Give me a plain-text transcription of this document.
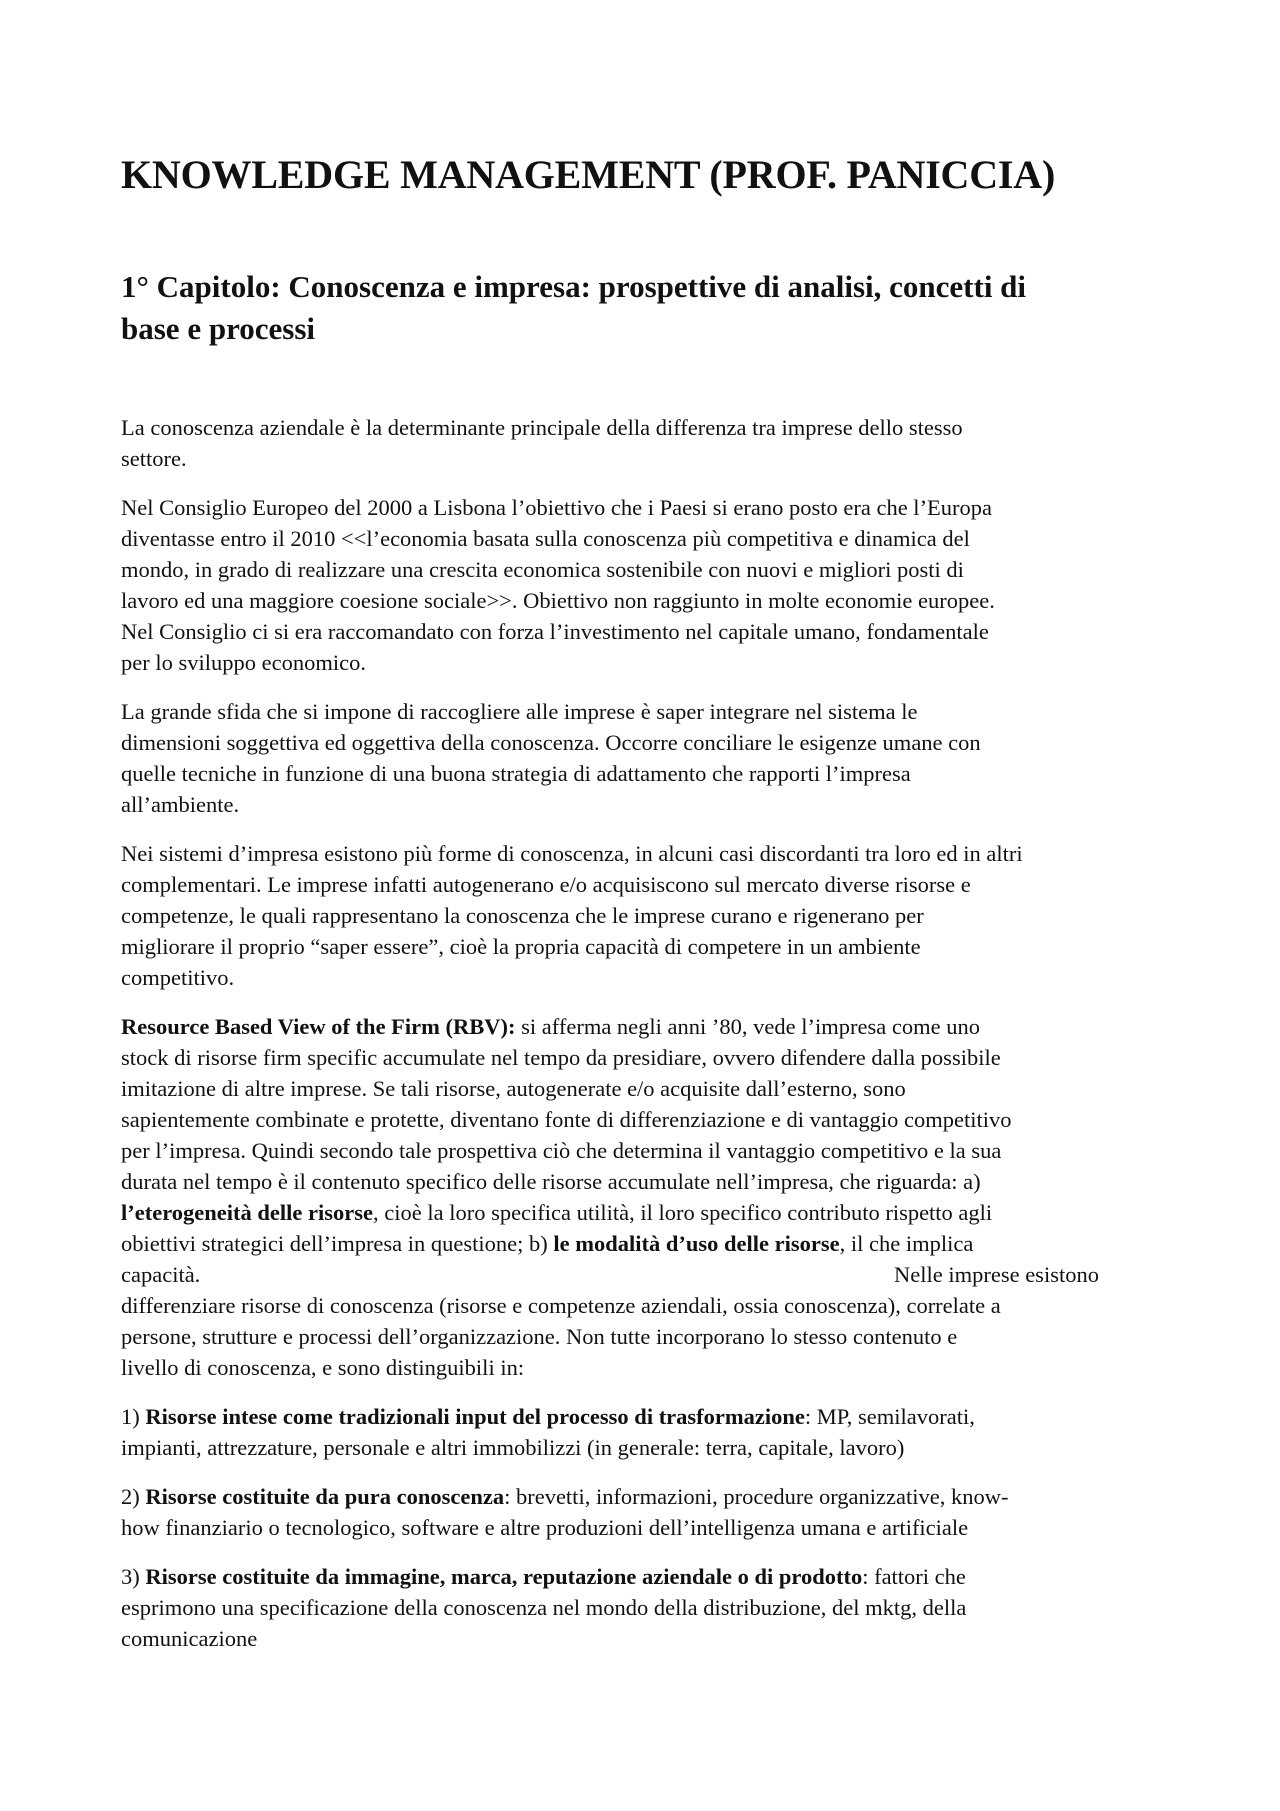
KNOWLEDGE MANAGEMENT (PROF. PANICCIA)
1° Capitolo: Conoscenza e impresa: prospettive di analisi, concetti di
base e processi

La conoscenza aziendale è la determinante principale della differenza tra imprese dello stesso
settore.

Nel Consiglio Europeo del 2000 a Lisbona l’obiettivo che i Paesi si erano posto era che l’Europa
diventasse entro il 2010 <<l’economia basata sulla conoscenza più competitiva e dinamica del
mondo, in grado di realizzare una crescita economica sostenibile con nuovi e migliori posti di
lavoro ed una maggiore coesione sociale>>. Obiettivo non raggiunto in molte economie europee.
Nel Consiglio ci si era raccomandato con forza l’investimento nel capitale umano, fondamentale
per lo sviluppo economico.

La grande sfida che si impone di raccogliere alle imprese è saper integrare nel sistema le
dimensioni soggettiva ed oggettiva della conoscenza. Occorre conciliare le esigenze umane con
quelle tecniche in funzione di una buona strategia di adattamento che rapporti l’impresa
all’ambiente.

Nei sistemi d’impresa esistono più forme di conoscenza, in alcuni casi discordanti tra loro ed in altri
complementari. Le imprese infatti autogenerano e/o acquisiscono sul mercato diverse risorse e
competenze, le quali rappresentano la conoscenza che le imprese curano e rigenerano per
migliorare il proprio “saper essere”, cioè la propria capacità di competere in un ambiente
competitivo.

Resource Based View of the Firm (RBV): si afferma negli anni ’80, vede l’impresa come uno
stock di risorse firm specific accumulate nel tempo da presidiare, ovvero difendere dalla possibile
imitazione di altre imprese. Se tali risorse, autogenerate e/o acquisite dall’esterno, sono
sapientemente combinate e protette, diventano fonte di differenziazione e di vantaggio competitivo
per l’impresa. Quindi secondo tale prospettiva ciò che determina il vantaggio competitivo e la sua
durata nel tempo è il contenuto specifico delle risorse accumulate nell’impresa, che riguarda: a)
l’eterogeneità delle risorse, cioè la loro specifica utilità, il loro specifico contributo rispetto agli
obiettivi strategici dell’impresa in questione; b) le modalità d’uso delle risorse, il che implica
capacità.	Nelle imprese esistono
differenziare risorse di conoscenza (risorse e competenze aziendali, ossia conoscenza), correlate a
persone, strutture e processi dell’organizzazione. Non tutte incorporano lo stesso contenuto e
livello di conoscenza, e sono distinguibili in:

1) Risorse intese come tradizionali input del processo di trasformazione: MP, semilavorati,
impianti, attrezzature, personale e altri immobilizzi (in generale: terra, capitale, lavoro)

2) Risorse costituite da pura conoscenza: brevetti, informazioni, procedure organizzative, know-
how finanziario o tecnologico, software e altre produzioni dell’intelligenza umana e artificiale

3) Risorse costituite da immagine, marca, reputazione aziendale o di prodotto: fattori che
esprimono una specificazione della conoscenza nel mondo della distribuzione, del mktg, della
comunicazione
